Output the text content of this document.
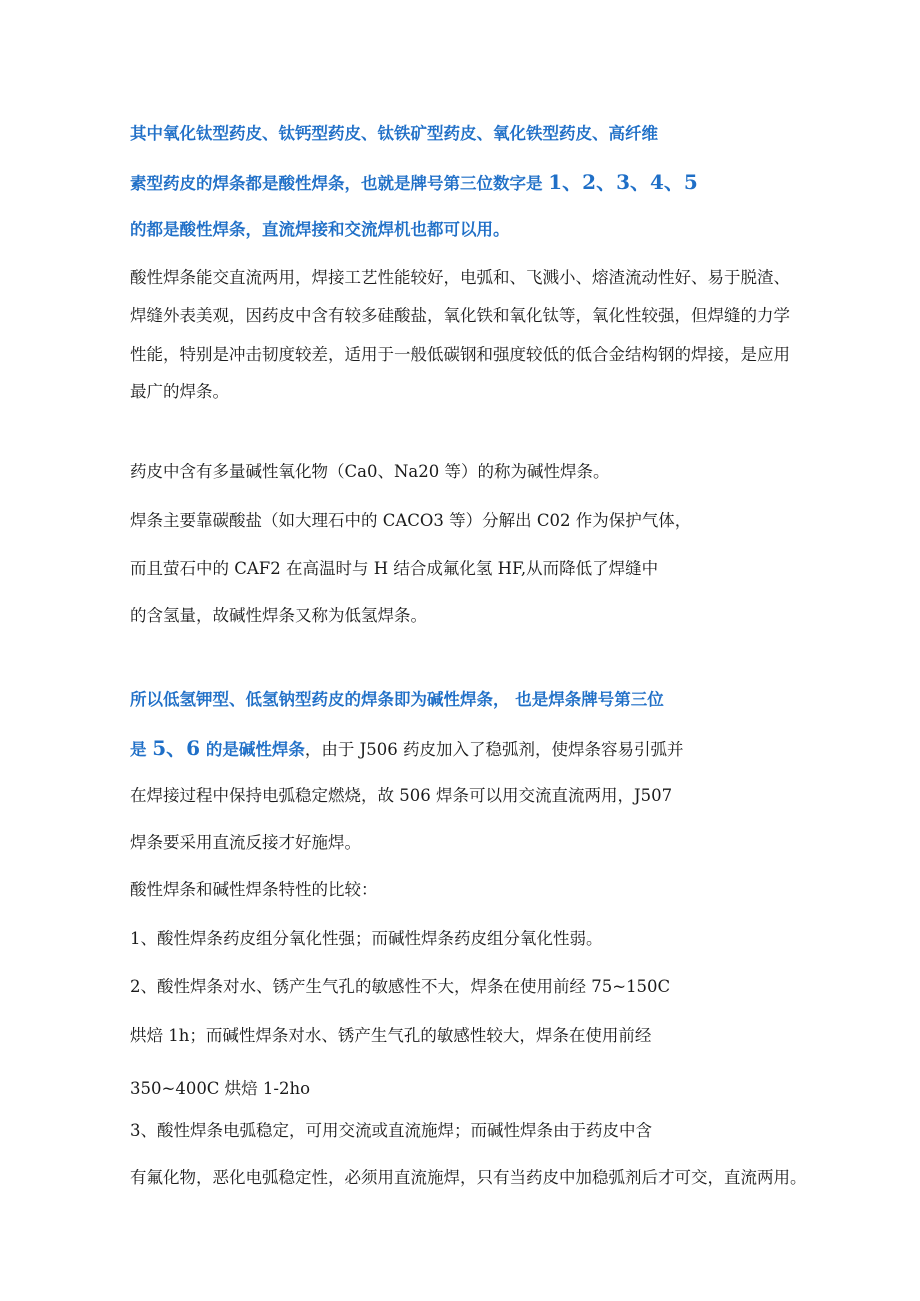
其中氧化钛型药皮、钛钙型药皮、钛铁矿型药皮、氧化铁型药皮、高纤维
素型药皮的焊条都是酸性焊条，也就是牌号第三位数字是 1、2、3、4、5
的都是酸性焊条，直流焊接和交流焊机也都可以用。
酸性焊条能交直流两用，焊接工艺性能较好，电弧和、飞溅小、熔渣流动性好、易于脱渣、
焊缝外表美观，因药皮中含有较多硅酸盐，氧化铁和氧化钛等，氧化性较强，但焊缝的力学
性能，特别是冲击韧度较差，适用于一般低碳钢和强度较低的低合金结构钢的焊接，是应用
最广的焊条。
药皮中含有多量碱性氧化物（Ca0、Na20 等）的称为碱性焊条。
焊条主要靠碳酸盐（如大理石中的 CACO3 等）分解出 C02 作为保护气体，
而且萤石中的 CAF2 在高温时与 H 结合成氟化氢 HF,从而降低了焊缝中
的含氢量，故碱性焊条又称为低氢焊条。
所以低氢钾型、低氢钠型药皮的焊条即为碱性焊条， 也是焊条牌号第三位
是 5、6 的是碱性焊条，由于 J506 药皮加入了稳弧剂，使焊条容易引弧并
在焊接过程中保持电弧稳定燃烧，故 506 焊条可以用交流直流两用，J507
焊条要采用直流反接才好施焊。
酸性焊条和碱性焊条特性的比较：
1、酸性焊条药皮组分氧化性强；而碱性焊条药皮组分氧化性弱。
2、酸性焊条对水、锈产生气孔的敏感性不大，焊条在使用前经 75~150C
烘焙 1h；而碱性焊条对水、锈产生气孔的敏感性较大，焊条在使用前经
350~400C 烘焙 1-2ho
3、酸性焊条电弧稳定，可用交流或直流施焊；而碱性焊条由于药皮中含
有氟化物，恶化电弧稳定性，必须用直流施焊，只有当药皮中加稳弧剂后才可交，直流两用。
